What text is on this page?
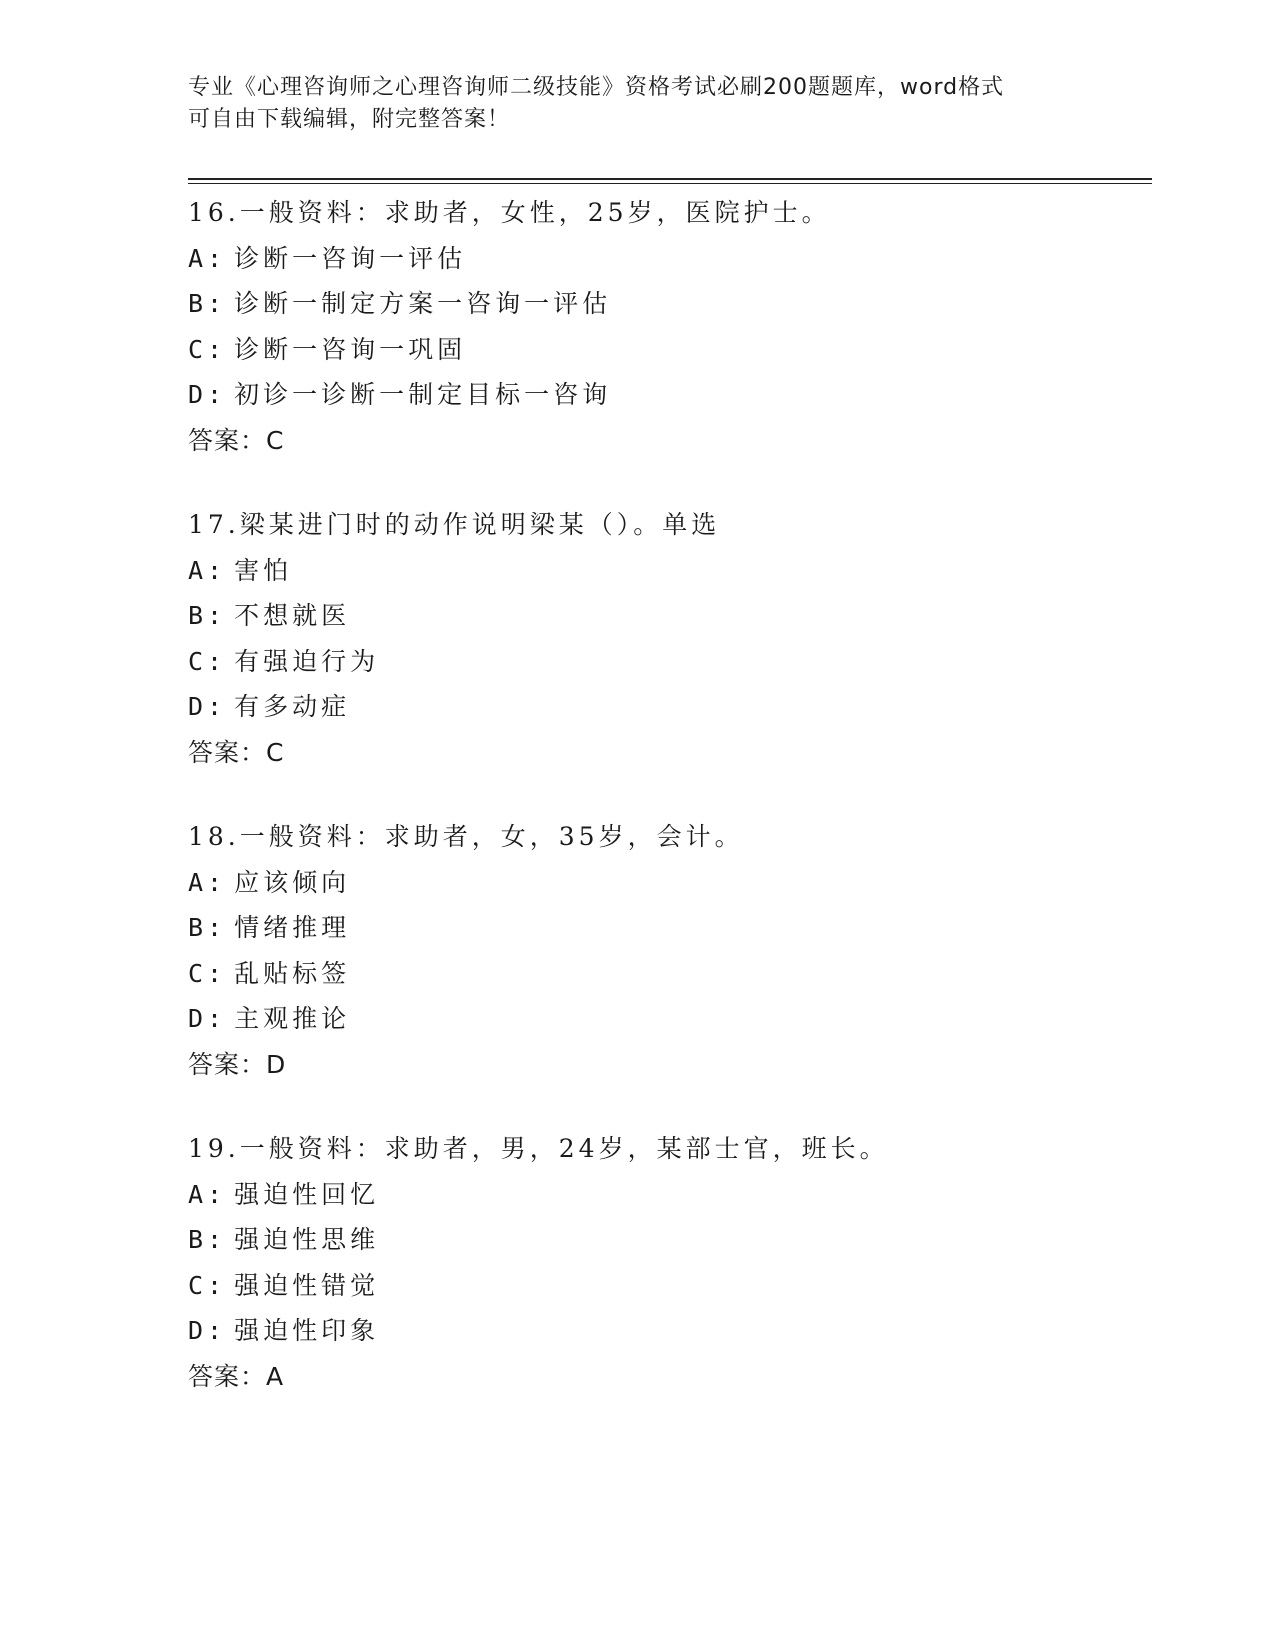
专业《心理咨询师之心理咨询师二级技能》资格考试必刷200题题库，word格式
可自由下载编辑，附完整答案！
16.一般资料：求助者，女性，25岁，医院护士。
A: 诊断一咨询一评估
B: 诊断一制定方案一咨询一评估
C: 诊断一咨询一巩固
D: 初诊一诊断一制定目标一咨询
答案：C
17.梁某进门时的动作说明梁某（）。单选
A: 害怕
B: 不想就医
C: 有强迫行为
D: 有多动症
答案：C
18.一般资料：求助者，女，35岁，会计。
A: 应该倾向
B: 情绪推理
C: 乱贴标签
D: 主观推论
答案：D
19.一般资料：求助者，男，24岁，某部士官，班长。
A: 强迫性回忆
B: 强迫性思维
C: 强迫性错觉
D: 强迫性印象
答案：A
